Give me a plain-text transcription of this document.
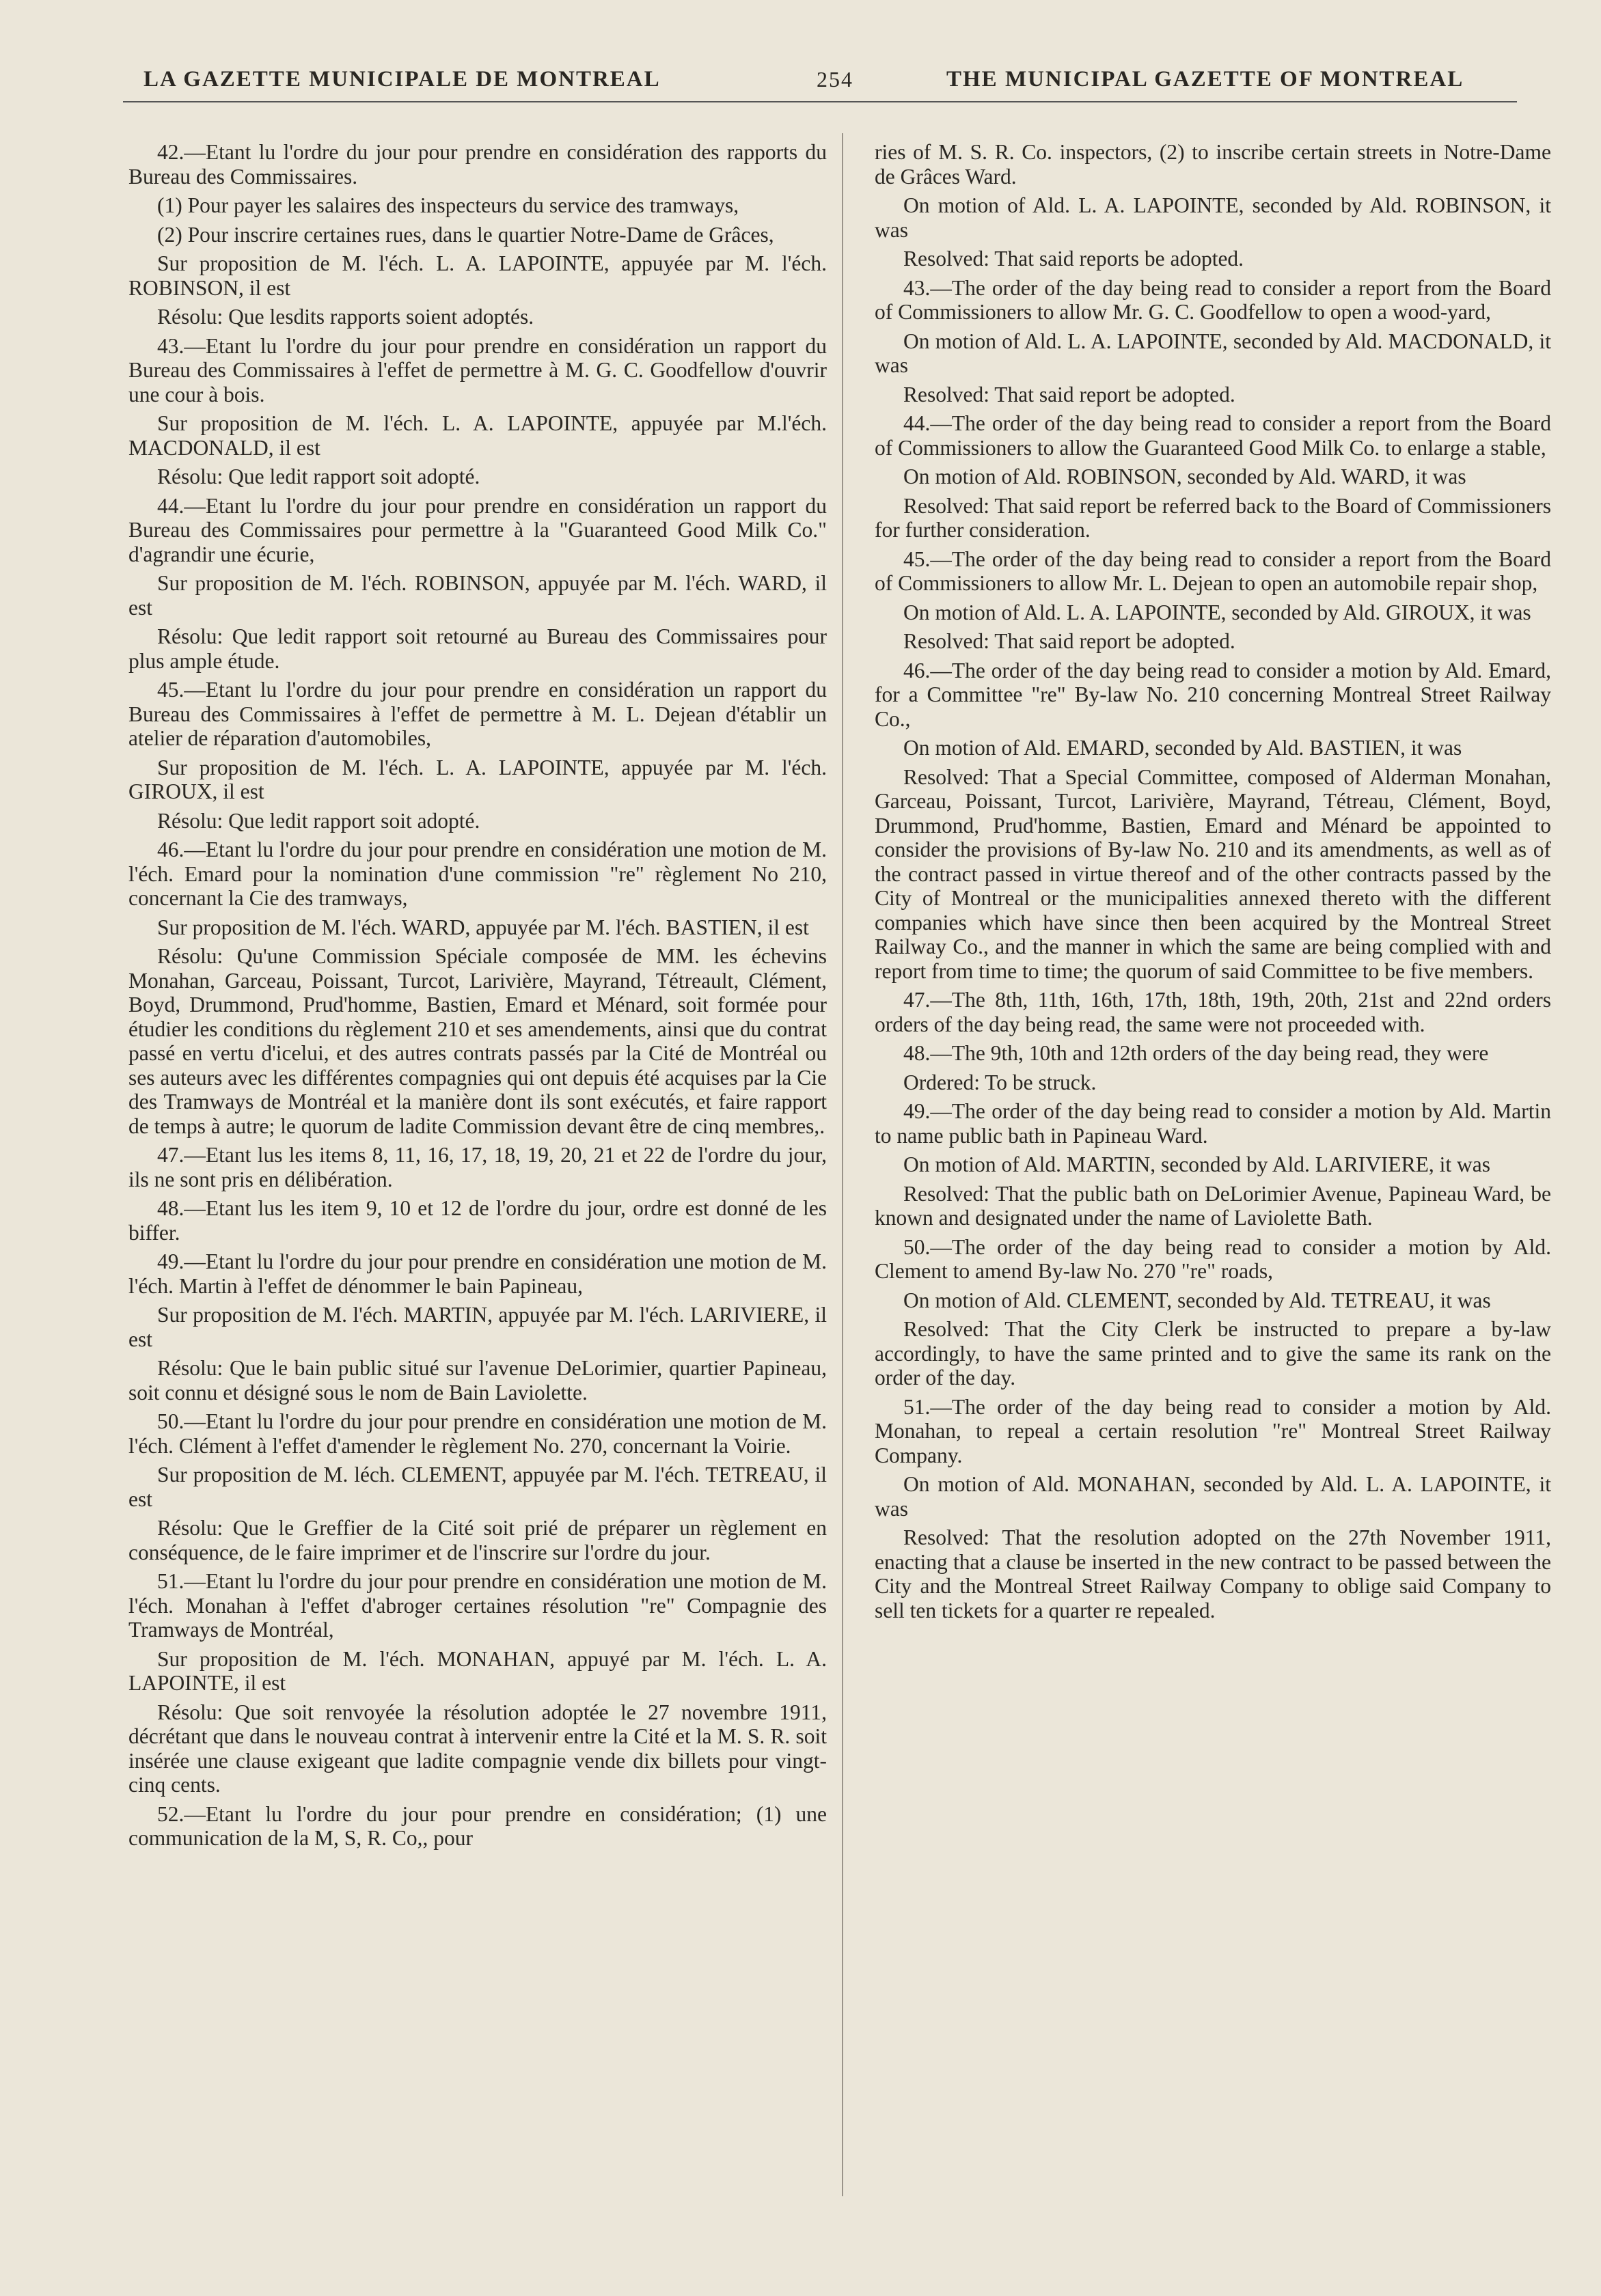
LA GAZETTE MUNICIPALE DE MONTREAL	254	THE MUNICIPAL GAZETTE OF MONTREAL

42.—Etant lu l'ordre du jour pour prendre en considération des rapports du Bureau des Commissaires.

(1) Pour payer les salaires des inspecteurs du service des tramways,

(2) Pour inscrire certaines rues, dans le quartier Notre-Dame de Grâces,

Sur proposition de M. l'éch. L. A. LAPOINTE, appuyée par M. l'éch. ROBINSON, il est

Résolu: Que lesdits rapports soient adoptés.

43.—Etant lu l'ordre du jour pour prendre en considération un rapport du Bureau des Commissaires à l'effet de permettre à M. G. C. Goodfellow d'ouvrir une cour à bois.

Sur proposition de M. l'éch. L. A. LAPOINTE, appuyée par M.l'éch. MACDONALD, il est

Résolu: Que ledit rapport soit adopté.

44.—Etant lu l'ordre du jour pour prendre en considération un rapport du Bureau des Commissaires pour permettre à la "Guaranteed Good Milk Co." d'agrandir une écurie,

Sur proposition de M. l'éch. ROBINSON, appuyée par M. l'éch. WARD, il est

Résolu: Que ledit rapport soit retourné au Bureau des Commissaires pour plus ample étude.

45.—Etant lu l'ordre du jour pour prendre en considération un rapport du Bureau des Commissaires à l'effet de permettre à M. L. Dejean d'établir un atelier de réparation d'automobiles,

Sur proposition de M. l'éch. L. A. LAPOINTE, appuyée par M. l'éch. GIROUX, il est

Résolu: Que ledit rapport soit adopté.

46.—Etant lu l'ordre du jour pour prendre en considération une motion de M. l'éch. Emard pour la nomination d'une commission "re" règlement No 210, concernant la Cie des tramways,

Sur proposition de M. l'éch. WARD, appuyée par M. l'éch. BASTIEN, il est

Résolu: Qu'une Commission Spéciale composée de MM. les échevins Monahan, Garceau, Poissant, Turcot, Larivière, Mayrand, Tétreault, Clément, Boyd, Drummond, Prud'homme, Bastien, Emard et Ménard, soit formée pour étudier les conditions du règlement 210 et ses amendements, ainsi que du contrat passé en vertu d'icelui, et des autres contrats passés par la Cité de Montréal ou ses auteurs avec les différentes compagnies qui ont depuis été acquises par la Cie des Tramways de Montréal et la manière dont ils sont exécutés, et faire rapport de temps à autre; le quorum de ladite Commission devant être de cinq membres,.

47.—Etant lus les items 8, 11, 16, 17, 18, 19, 20, 21 et 22 de l'ordre du jour, ils ne sont pris en délibération.

48.—Etant lus les item 9, 10 et 12 de l'ordre du jour, ordre est donné de les biffer.

49.—Etant lu l'ordre du jour pour prendre en considération une motion de M. l'éch. Martin à l'effet de dénommer le bain Papineau,

Sur proposition de M. l'éch. MARTIN, appuyée par M. l'éch. LARIVIERE, il est

Résolu: Que le bain public situé sur l'avenue DeLorimier, quartier Papineau, soit connu et désigné sous le nom de Bain Laviolette.

50.—Etant lu l'ordre du jour pour prendre en considération une motion de M. l'éch. Clément à l'effet d'amender le règlement No. 270, concernant la Voirie.

Sur proposition de M. léch. CLEMENT, appuyée par M. l'éch. TETREAU, il est

Résolu: Que le Greffier de la Cité soit prié de préparer un règlement en conséquence, de le faire imprimer et de l'inscrire sur l'ordre du jour.

51.—Etant lu l'ordre du jour pour prendre en considération une motion de M. l'éch. Monahan à l'effet d'abroger certaines résolution "re" Compagnie des Tramways de Montréal,

Sur proposition de M. l'éch. MONAHAN, appuyé par M. l'éch. L. A. LAPOINTE, il est

Résolu: Que soit renvoyée la résolution adoptée le 27 novembre 1911, décrétant que dans le nouveau contrat à intervenir entre la Cité et la M. S. R. soit insérée une clause exigeant que ladite compagnie vende dix billets pour vingt-cinq cents.

52.—Etant lu l'ordre du jour pour prendre en considération; (1) une communication de la M, S, R. Co,, pour

ries of M. S. R. Co. inspectors, (2) to inscribe certain streets in Notre-Dame de Grâces Ward.

On motion of Ald. L. A. LAPOINTE, seconded by Ald. ROBINSON, it was

Resolved: That said reports be adopted.

43.—The order of the day being read to consider a report from the Board of Commissioners to allow Mr. G. C. Goodfellow to open a wood-yard,

On motion of Ald. L. A. LAPOINTE, seconded by Ald. MACDONALD, it was

Resolved: That said report be adopted.

44.—The order of the day being read to consider a report from the Board of Commissioners to allow the Guaranteed Good Milk Co. to enlarge a stable,

On motion of Ald. ROBINSON, seconded by Ald. WARD, it was

Resolved: That said report be referred back to the Board of Commissioners for further consideration.

45.—The order of the day being read to consider a report from the Board of Commissioners to allow Mr. L. Dejean to open an automobile repair shop,

On motion of Ald. L. A. LAPOINTE, seconded by Ald. GIROUX, it was

Resolved: That said report be adopted.

46.—The order of the day being read to consider a motion by Ald. Emard, for a Committee "re" By-law No. 210 concerning Montreal Street Railway Co.,

On motion of Ald. EMARD, seconded by Ald. BASTIEN, it was

Resolved: That a Special Committee, composed of Alderman Monahan, Garceau, Poissant, Turcot, Larivière, Mayrand, Tétreau, Clément, Boyd, Drummond, Prud'homme, Bastien, Emard and Ménard be appointed to consider the provisions of By-law No. 210 and its amendments, as well as of the contract passed in virtue thereof and of the other contracts passed by the City of Montreal or the municipalities annexed thereto with the different companies which have since then been acquired by the Montreal Street Railway Co., and the manner in which the same are being complied with and report from time to time; the quorum of said Committee to be five members.

47.—The 8th, 11th, 16th, 17th, 18th, 19th, 20th, 21st and 22nd orders orders of the day being read, the same were not proceeded with.

48.—The 9th, 10th and 12th orders of the day being read, they were

Ordered: To be struck.

49.—The order of the day being read to consider a motion by Ald. Martin to name public bath in Papineau Ward.

On motion of Ald. MARTIN, seconded by Ald. LARIVIERE, it was

Resolved: That the public bath on DeLorimier Avenue, Papineau Ward, be known and designated under the name of Laviolette Bath.

50.—The order of the day being read to consider a motion by Ald. Clement to amend By-law No. 270 "re" roads,

On motion of Ald. CLEMENT, seconded by Ald. TETREAU, it was

Resolved: That the City Clerk be instructed to prepare a by-law accordingly, to have the same printed and to give the same its rank on the order of the day.

51.—The order of the day being read to consider a motion by Ald. Monahan, to repeal a certain resolution "re" Montreal Street Railway Company.

On motion of Ald. MONAHAN, seconded by Ald. L. A. LAPOINTE, it was

Resolved: That the resolution adopted on the 27th November 1911, enacting that a clause be inserted in the new contract to be passed between the City and the Montreal Street Railway Company to oblige said Company to sell ten tickets for a quarter re repealed.
